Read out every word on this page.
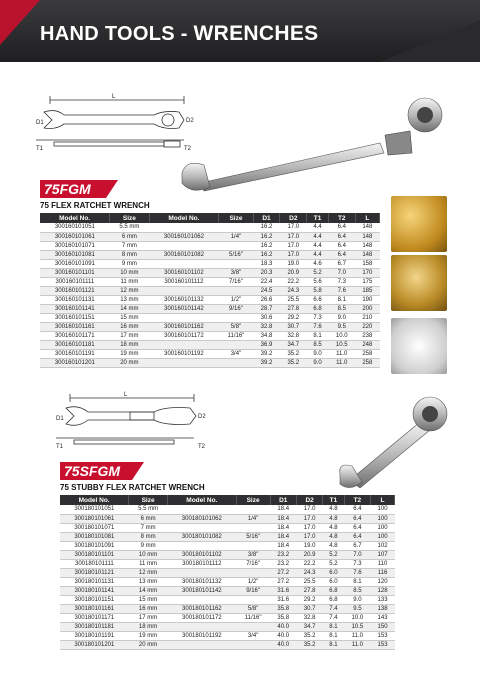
HAND TOOLS - WRENCHES
L
D1	D2
T1	T2
75FGM
75 FLEX RATCHET WRENCH
Model No.	Size	Model No.	Size	D1	D2	T1	T2	L
300160101051	5.5 mm			16.2	17.0	4.4	6.4	148
300160101061	6 mm	300160101062	1/4"	16.2	17.0	4.4	6.4	148
300160101071	7 mm			16.2	17.0	4.4	6.4	148
300160101081	8 mm	300160101082	5/16"	16.2	17.0	4.4	6.4	148
300160101091	9 mm			18.3	19.0	4.6	6.7	158
300160101101	10 mm	300160101102	3/8"	20.3	20.9	5.2	7.0	170
300160101111	11 mm	300160101112	7/16"	22.4	22.2	5.6	7.3	175
300160101121	12 mm			24.5	24.3	5.8	7.6	185
300160101131	13 mm	300160101132	1/2"	26.6	25.5	6.6	8.1	190
300160101141	14 mm	300160101142	9/16"	28.7	27.8	6.8	8.5	200
300160101151	15 mm			30.6	29.2	7.3	9.0	210
300160101161	16 mm	300160101162	5/8"	32.8	30.7	7.6	9.5	220
300160101171	17 mm	300160101172	11/16"	34.8	32.8	8.1	10.0	238
300160101181	18 mm			36.9	34.7	8.5	10.5	248
300160101191	19 mm	300160101192	3/4"	39.2	35.2	9.0	11.0	258
300160101201	20 mm			39.2	35.2	9.0	11.0	258
L
D1	D2
T1	T2
75SFGM
75 STUBBY FLEX RATCHET WRENCH
Model No.	Size	Model No.	Size	D1	D2	T1	T2	L
300180101051	5.5 mm			18.4	17.0	4.8	6.4	100
300180101061	6 mm	300180101062	1/4"	18.4	17.0	4.8	6.4	100
300180101071	7 mm			18.4	17.0	4.8	6.4	100
300180101081	8 mm	300180101082	5/16"	18.4	17.0	4.8	6.4	100
300180101091	9 mm			18.4	19.0	4.8	6.7	102
300180101101	10 mm	300180101102	3/8"	23.2	20.9	5.2	7.0	107
300180101111	11 mm	300180101112	7/16"	23.2	22.2	5.2	7.3	110
300180101121	12 mm			27.2	24.3	6.0	7.6	116
300180101131	13 mm	300180101132	1/2"	27.2	25.5	6.0	8.1	120
300180101141	14 mm	300180101142	9/16"	31.6	27.8	6.8	8.5	128
300180101151	15 mm			31.6	29.2	6.8	9.0	133
300180101161	16 mm	300180101162	5/8"	35.8	30.7	7.4	9.5	138
300180101171	17 mm	300180101172	11/16"	35.8	32.8	7.4	10.0	143
300180101181	18 mm			40.0	34.7	8.1	10.5	150
300180101191	19 mm	300180101192	3/4"	40.0	35.2	8.1	11.0	153
300180101201	20 mm			40.0	35.2	8.1	11.0	153
